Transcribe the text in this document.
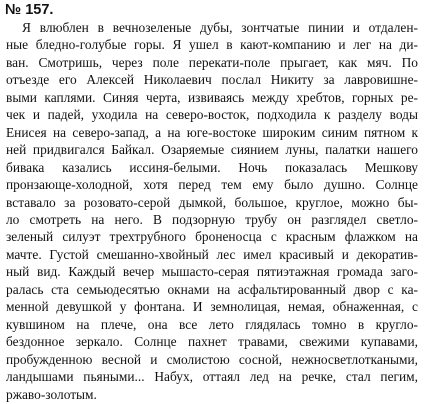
№ 157.

Я влюблен в вечнозеленые дубы, зонтчатые пинии и отдален-
ные бледно-голубые горы. Я ушел в кают-компанию и лег на ди-
ван. Смотришь, через поле перекати-поле прыгает, как мяч. По
отъезде его Алексей Николаевич послал Никиту за лавровишне-
выми каплями. Синяя черта, извиваясь между хребтов, горных ре-
чек и падей, уходила на северо-восток, подходила к разделу воды
Енисея на северо-запад, а на юге-востоке широким синим пятном к
ней придвигался Байкал. Озаряемые сиянием луны, палатки нашего
бивака казались иссиня-белыми. Ночь показалась Мешкову
пронзающе-холодной, хотя перед тем ему было душно. Солнце
вставало за розовато-серой дымкой, большое, круглое, можно бы-
ло смотреть на него. В подзорную трубу он разглядел светло-
зеленый силуэт трехтрубного броненосца с красным флажком на
мачте. Густой смешанно-хвойный лес имел красивый и декоратив-
ный вид. Каждый вечер мышасто-серая пятиэтажная громада заго-
ралась ста семьюдесятью окнами на асфальтированный двор с ка-
менной девушкой у фонтана. И земнолицая, немая, обнаженная, с
кувшином на плече, она все лето глядялась томно в кругло-
бездонное зеркало. Солнце пахнет травами, свежими купавами,
пробужденною весной и смолистою сосной, нежносветлоткаными,
ландышами пьяными... Набух, оттаял лед на речке, стал пегим,
ржаво-золотым.
